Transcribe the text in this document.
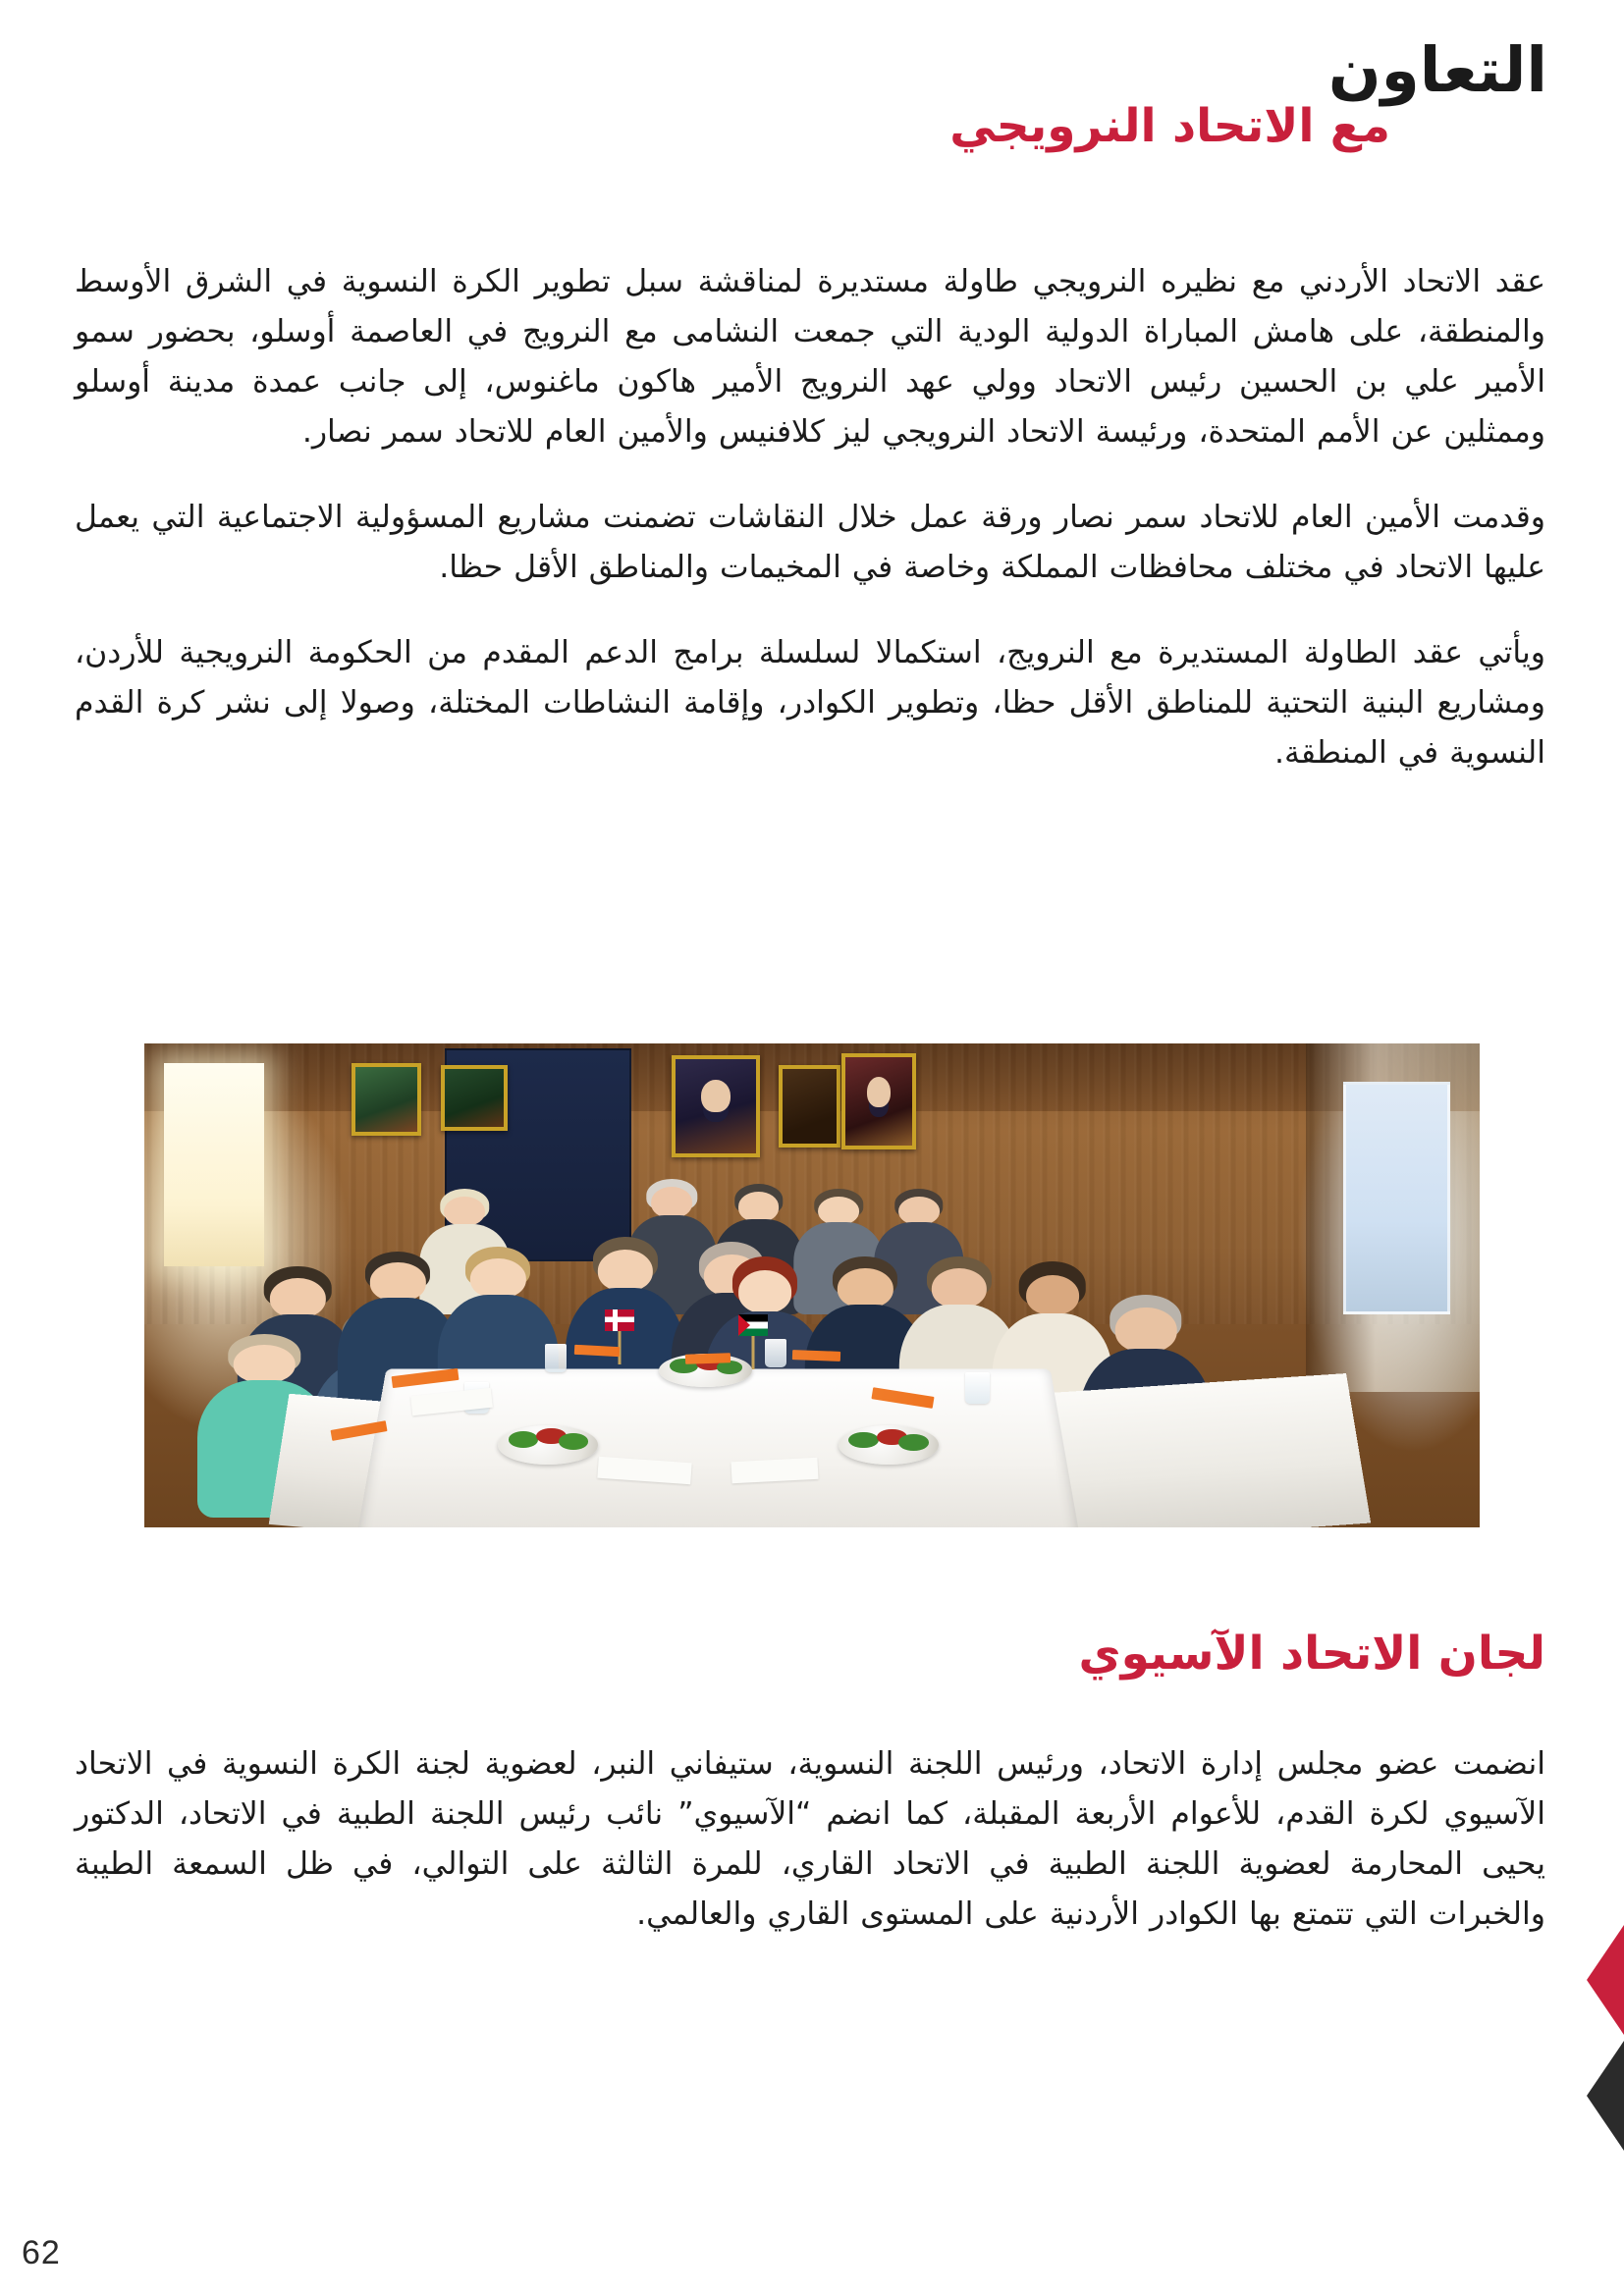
التعاون
مع الاتحاد النرويجي

عقد الاتحاد الأردني مع نظيره النرويجي طاولة مستديرة لمناقشة سبل تطوير الكرة النسوية في الشرق الأوسط والمنطقة، على هامش المباراة الدولية الودية التي جمعت النشامى مع النرويج في العاصمة أوسلو، بحضور سمو الأمير علي بن الحسين رئيس الاتحاد وولي عهد النرويج الأمير هاكون ماغنوس، إلى جانب عمدة مدينة أوسلو وممثلين عن الأمم المتحدة، ورئيسة الاتحاد النرويجي ليز كلافنيس والأمين العام للاتحاد سمر نصار.

وقدمت الأمين العام للاتحاد سمر نصار ورقة عمل خلال النقاشات تضمنت مشاريع المسؤولية الاجتماعية التي يعمل عليها الاتحاد في مختلف محافظات المملكة وخاصة في المخيمات والمناطق الأقل حظا.

ويأتي عقد الطاولة المستديرة مع النرويج، استكمالا لسلسلة برامج الدعم المقدم من الحكومة النرويجية للأردن، ومشاريع البنية التحتية للمناطق الأقل حظا، وتطوير الكوادر، وإقامة النشاطات المختلة، وصولا إلى نشر كرة القدم النسوية في المنطقة.

لجان الاتحاد الآسيوي

انضمت عضو مجلس إدارة الاتحاد، ورئيس اللجنة النسوية، ستيفاني النبر، لعضوية لجنة الكرة النسوية في الاتحاد الآسيوي لكرة القدم، للأعوام الأربعة المقبلة، كما انضم “الآسيوي” نائب رئيس اللجنة الطبية في الاتحاد، الدكتور يحيى المحارمة لعضوية اللجنة الطبية في الاتحاد القاري، للمرة الثالثة على التوالي، في ظل السمعة الطيبة والخبرات التي تتمتع بها الكوادر الأردنية على المستوى القاري والعالمي.

62
